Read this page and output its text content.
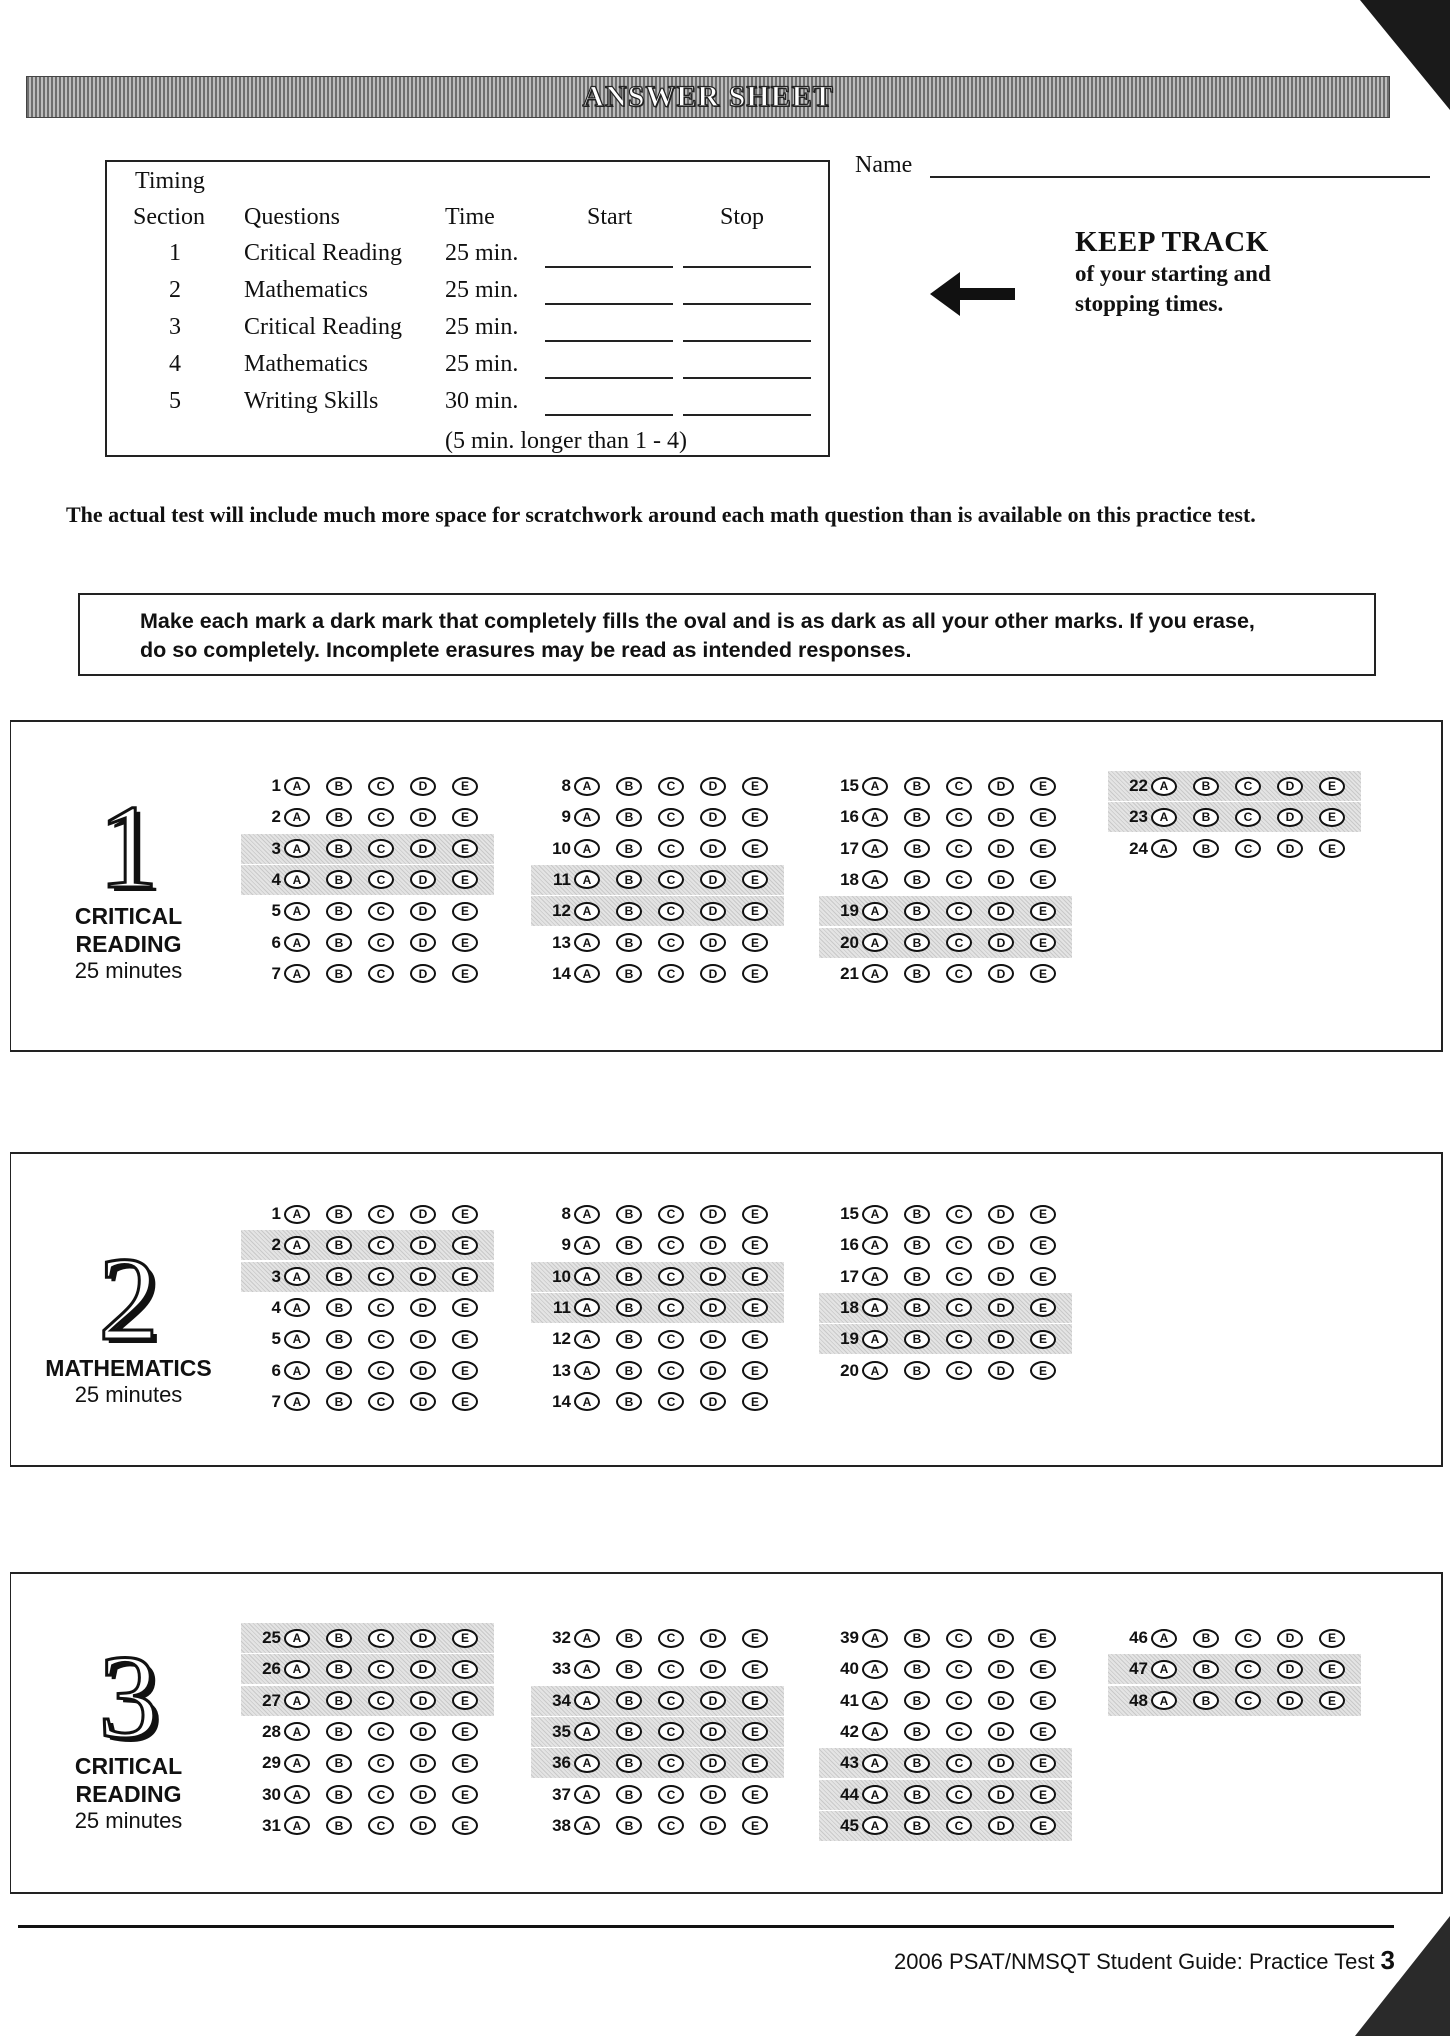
ANSWER SHEET
Timing
Section Questions	Time	Start	Stop
1	Critical Reading 25 min.
2	Mathematics	25 min.
3	Critical Reading 25 min.
4	Mathematics	25 min.
5	Writing Skills	30 min.
(5 min. longer than 1 - 4)
Name
KEEP TRACK
of your starting and
stopping times.
The actual test will include much more space for scratchwork around each math question than is available on this practice test.
Make each mark a dark mark that completely fills the oval and is as dark as all your other marks. If you erase,
do so completely. Incomplete erasures may be read as intended responses.
1
CRITICAL
READING
25 minutes
1 A	B	C	D	E
2 A	B	C	D	E
3 A	B	C	D	E
4 A	B	C	D	E
5 A	B	C	D	E
6 A	B	C	D	E
7 A	B	C	D	E
8 A	B	C	D	E
9 A	B	C	D	E
10 A	B	C	D	E
11 A	B	C	D	E
12 A	B	C	D	E
13 A	B	C	D	E
14 A	B	C	D	E
15 A	B	C	D	E
16 A	B	C	D	E
17 A	B	C	D	E
18 A	B	C	D	E
19 A	B	C	D	E
20 A	B	C	D	E
21 A	B	C	D	E
22 A	B	C	D	E
23 A	B	C	D	E
24 A	B	C	D	E
2
MATHEMATICS
25 minutes
1 A	B	C	D	E
2 A	B	C	D	E
3 A	B	C	D	E
4 A	B	C	D	E
5 A	B	C	D	E
6 A	B	C	D	E
7 A	B	C	D	E
8 A	B	C	D	E
9 A	B	C	D	E
10 A	B	C	D	E
11 A	B	C	D	E
12 A	B	C	D	E
13 A	B	C	D	E
14 A	B	C	D	E
15 A	B	C	D	E
16 A	B	C	D	E
17 A	B	C	D	E
18 A	B	C	D	E
19 A	B	C	D	E
20 A	B	C	D	E
3
CRITICAL
READING
25 minutes
25 A	B	C	D	E
26 A	B	C	D	E
27 A	B	C	D	E
28 A	B	C	D	E
29 A	B	C	D	E
30 A	B	C	D	E
31 A	B	C	D	E
32 A	B	C	D	E
33 A	B	C	D	E
34 A	B	C	D	E
35 A	B	C	D	E
36 A	B	C	D	E
37 A	B	C	D	E
38 A	B	C	D	E
39 A	B	C	D	E
40 A	B	C	D	E
41 A	B	C	D	E
42 A	B	C	D	E
43 A	B	C	D	E
44 A	B	C	D	E
45 A	B	C	D	E
46 A	B	C	D	E
47 A	B	C	D	E
48 A	B	C	D	E
2006 PSAT/NMSQT Student Guide: Practice Test 3
